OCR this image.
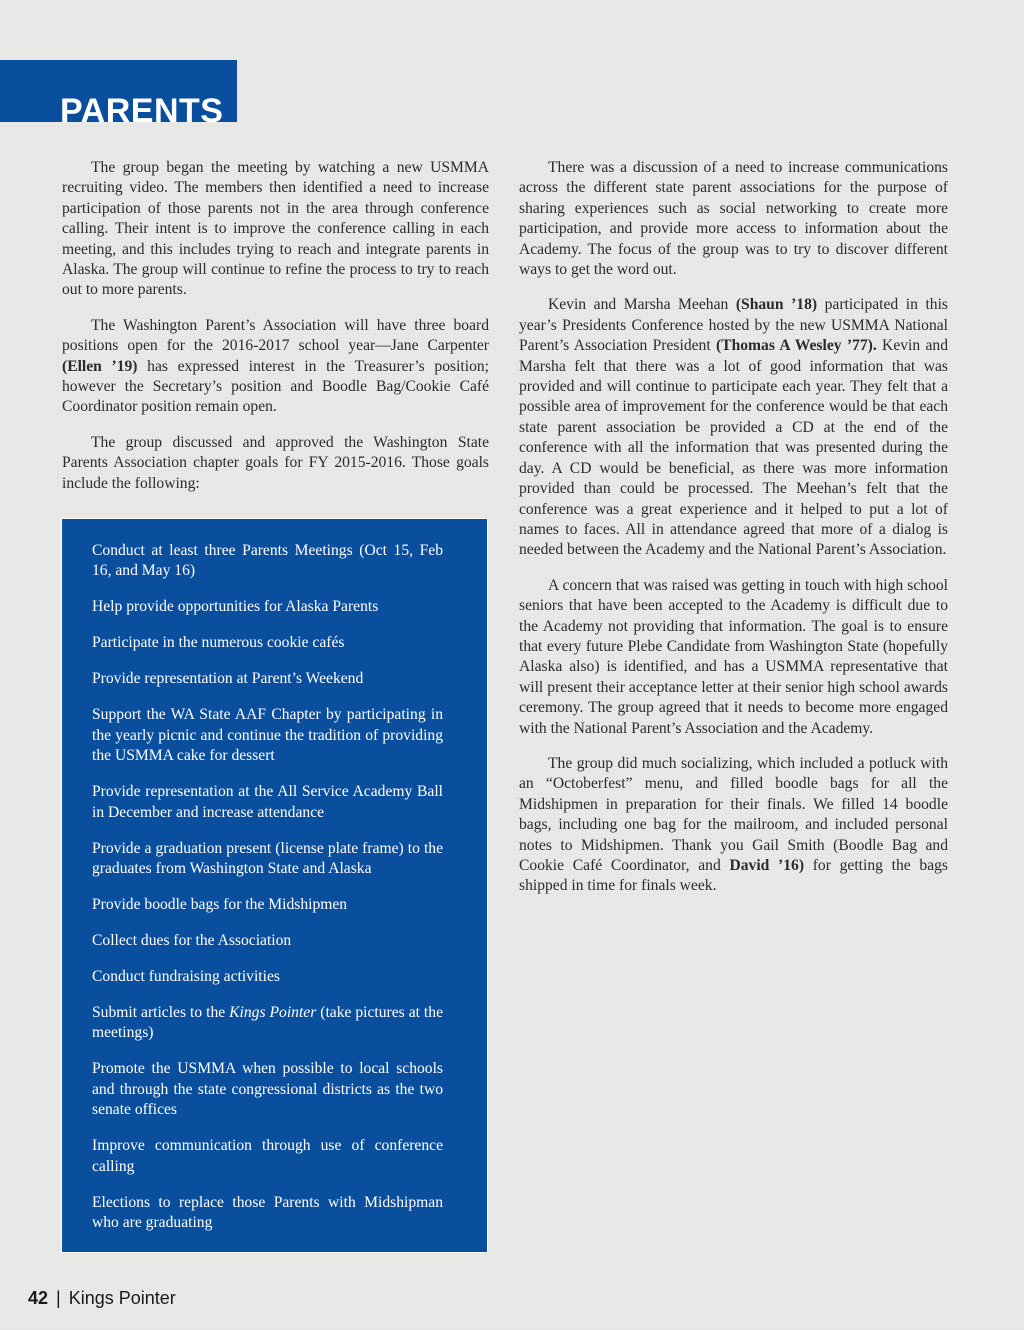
PARENTS

The group began the meeting by watching a new USMMA recruiting video. The members then identified a need to increase participation of those parents not in the area through conference calling. Their intent is to improve the conference calling in each meeting, and this includes trying to reach and integrate parents in Alaska. The group will continue to refine the process to try to reach out to more parents.

The Washington Parent’s Association will have three board positions open for the 2016-2017 school year—Jane Carpenter (Ellen ’19) has expressed interest in the Treasurer’s position; however the Secretary’s position and Boodle Bag/Cookie Café Coordinator position remain open.

The group discussed and approved the Washington State Parents Association chapter goals for FY 2015-2016. Those goals include the following:

Conduct at least three Parents Meetings (Oct 15, Feb 16, and May 16)
Help provide opportunities for Alaska Parents
Participate in the numerous cookie cafés
Provide representation at Parent’s Weekend
Support the WA State AAF Chapter by participating in the yearly picnic and continue the tradition of providing the USMMA cake for dessert
Provide representation at the All Service Academy Ball in December and increase attendance
Provide a graduation present (license plate frame) to the graduates from Washington State and Alaska
Provide boodle bags for the Midshipmen
Collect dues for the Association
Conduct fundraising activities
Submit articles to the Kings Pointer (take pictures at the meetings)
Promote the USMMA when possible to local schools and through the state congressional districts as the two senate offices
Improve communication through use of conference calling
Elections to replace those Parents with Midshipman who are graduating

There was a discussion of a need to increase communications across the different state parent associations for the purpose of sharing experiences such as social networking to create more participation, and provide more access to information about the Academy. The focus of the group was to try to discover different ways to get the word out.

Kevin and Marsha Meehan (Shaun ’18) participated in this year’s Presidents Conference hosted by the new USMMA National Parent’s Association President (Thomas A Wesley ’77). Kevin and Marsha felt that there was a lot of good information that was provided and will continue to participate each year. They felt that a possible area of improvement for the conference would be that each state parent association be provided a CD at the end of the conference with all the information that was presented during the day. A CD would be beneficial, as there was more information provided than could be processed. The Meehan’s felt that the conference was a great experience and it helped to put a lot of names to faces. All in attendance agreed that more of a dialog is needed between the Academy and the National Parent’s Association.

A concern that was raised was getting in touch with high school seniors that have been accepted to the Academy is difficult due to the Academy not providing that information. The goal is to ensure that every future Plebe Candidate from Washington State (hopefully Alaska also) is identified, and has a USMMA representative that will present their acceptance letter at their senior high school awards ceremony. The group agreed that it needs to become more engaged with the National Parent’s Association and the Academy.

The group did much socializing, which included a potluck with an “Octoberfest” menu, and filled boodle bags for all the Midshipmen in preparation for their finals. We filled 14 boodle bags, including one bag for the mailroom, and included personal notes to Midshipmen. Thank you Gail Smith (Boodle Bag and Cookie Café Coordinator, and David ’16) for getting the bags shipped in time for finals week.

42 | Kings Pointer
